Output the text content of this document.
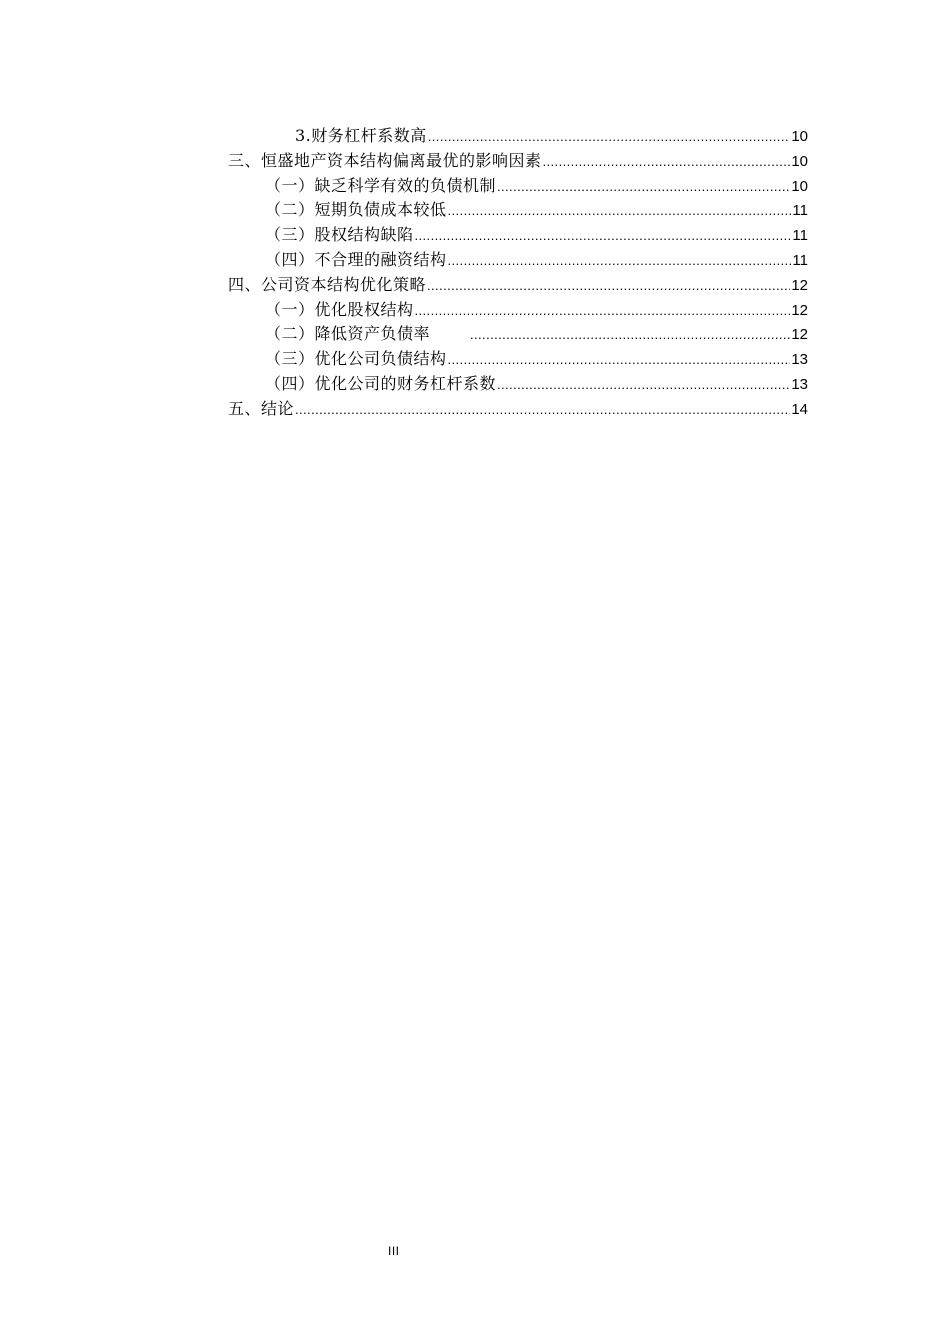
3.财务杠杆系数高 .....	10
三、恒盛地产资本结构偏离最优的影响因素 .....	10
（一）缺乏科学有效的负债机制 .....	10
（二）短期负债成本较低 .....	11
（三）股权结构缺陷 .....	11
（四）不合理的融资结构 .....	11
四、公司资本结构优化策略 .....	12
（一）优化股权结构 .....	12
（二）降低资产负债率 .....	12
（三）优化公司负债结构 .....	13
（四）优化公司的财务杠杆系数 .....	13
五、结论 .....	14
III
